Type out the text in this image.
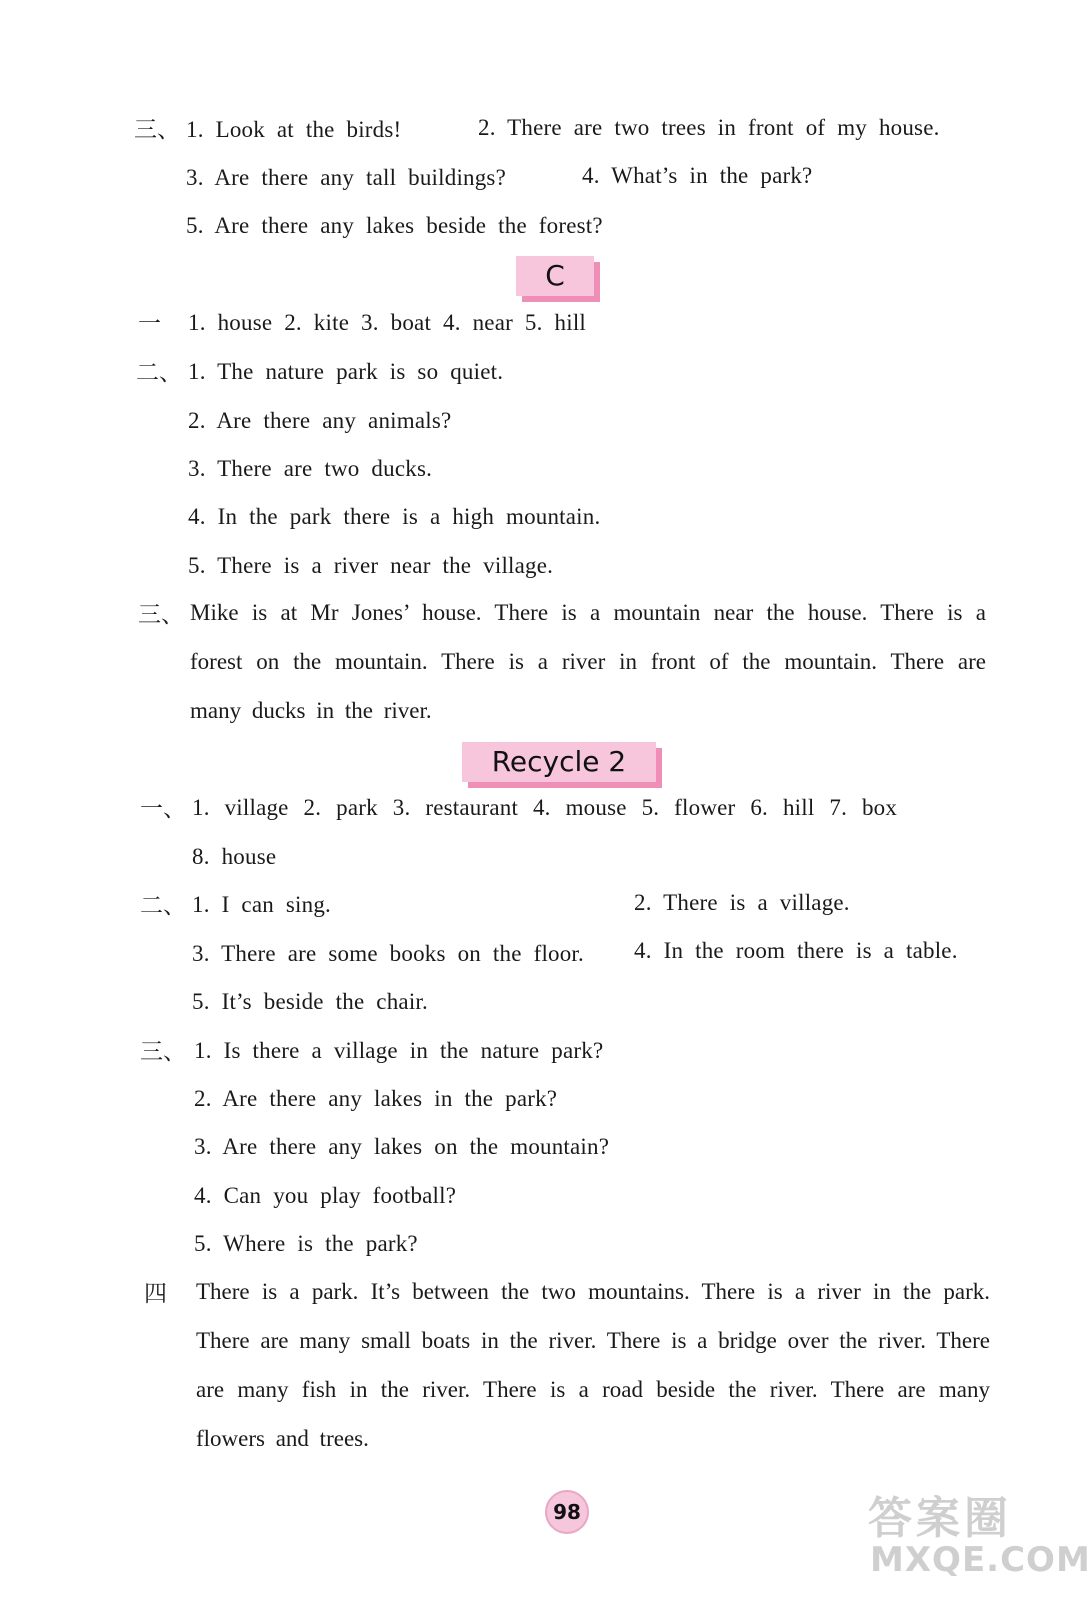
三、 1. Look at the birds!	2. There are two trees in front of my house.
3. Are there any tall buildings?	4. What’s in the park?
5. Are there any lakes beside the forest?
C
一 1. house 2. kite 3. boat 4. near 5. hill
二、 1. The nature park is so quiet.
2. Are there any animals?
3. There are two ducks.
4. In the park there is a high mountain.
5. There is a river near the village.
三、 Mike is at Mr Jones’ house. There is a mountain near the house. There is a forest on the mountain. There is a river in front of the mountain. There are many ducks in the river.
Recycle 2
一、 1. village 2. park 3. restaurant 4. mouse 5. flower 6. hill 7. box
8. house
二、 1. I can sing.	2. There is a village.
3. There are some books on the floor. 4. In the room there is a table.
5. It’s beside the chair.
三、 1. Is there a village in the nature park?
2. Are there any lakes in the park?
3. Are there any lakes on the mountain?
4. Can you play football?
5. Where is the park?
四 There is a park. It’s between the two mountains. There is a river in the park. There are many small boats in the river. There is a bridge over the river. There are many fish in the river. There is a road beside the river. There are many flowers and trees.
98	答案圈
MXQE.COM
